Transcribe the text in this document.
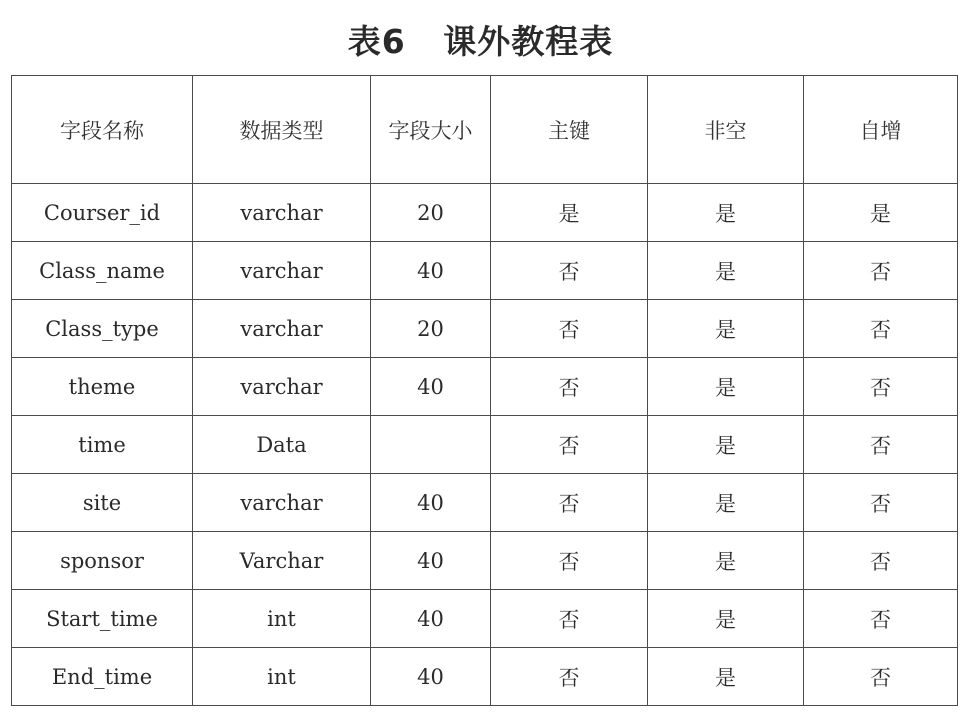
表6   课外教程表
字段名称	数据类型	字段大小	主键	非空	自增
Courser_id	varchar	20	是	是	是
Class_name	varchar	40	否	是	否
Class_type	varchar	20	否	是	否
theme	varchar	40	否	是	否
time	Data		否	是	否
site	varchar	40	否	是	否
sponsor	Varchar	40	否	是	否
Start_time	int	40	否	是	否
End_time	int	40	否	是	否
